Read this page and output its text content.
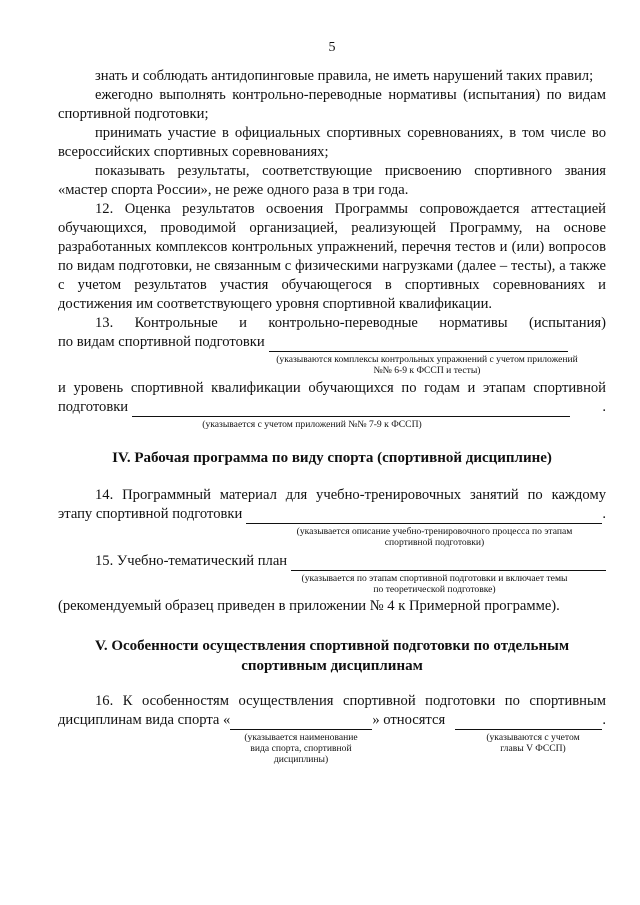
5

знать и соблюдать антидопинговые правила, не иметь нарушений таких правил;

ежегодно выполнять контрольно-переводные нормативы (испытания) по видам спортивной подготовки;

принимать участие в официальных спортивных соревнованиях, в том числе во всероссийских спортивных соревнованиях;

показывать результаты, соответствующие присвоению спортивного звания «мастер спорта России», не реже одного раза в три года.

12. Оценка результатов освоения Программы сопровождается аттестацией обучающихся, проводимой организацией, реализующей Программу, на основе разработанных комплексов контрольных упражнений, перечня тестов и (или) вопросов по видам подготовки, не связанным с физическими нагрузками (далее – тесты), а также с учетом результатов участия обучающегося в спортивных соревнованиях и достижения им соответствующего уровня спортивной квалификации.

13. Контрольные и контрольно-переводные нормативы (испытания)

по видам спортивной подготовки
(указываются комплексы контрольных упражнений с учетом приложений
№№ 6-9 к ФССП и тесты)

и уровень спортивной квалификации обучающихся по годам и этапам спортивной

подготовки	.
(указывается с учетом приложений №№ 7-9 к ФССП)

IV. Рабочая программа по виду спорта (спортивной дисциплине)

14. Программный материал для учебно-тренировочных занятий по каждому

этапу спортивной подготовки	.
(указывается описание учебно-тренировочного процесса по этапам
спортивной подготовки)
15. Учебно-тематический план
(указывается по этапам спортивной подготовки и включает темы
по теоретической подготовке)

(рекомендуемый образец приведен в приложении № 4 к Примерной программе).

V. Особенности осуществления спортивной подготовки по отдельным

спортивным дисциплинам

16. К особенностям осуществления спортивной подготовки по спортивным

дисциплинам вида спорта «	» относятся	.
(указывается наименование
вида спорта, спортивной
дисциплины)
(указываются с учетом
главы V ФССП)
